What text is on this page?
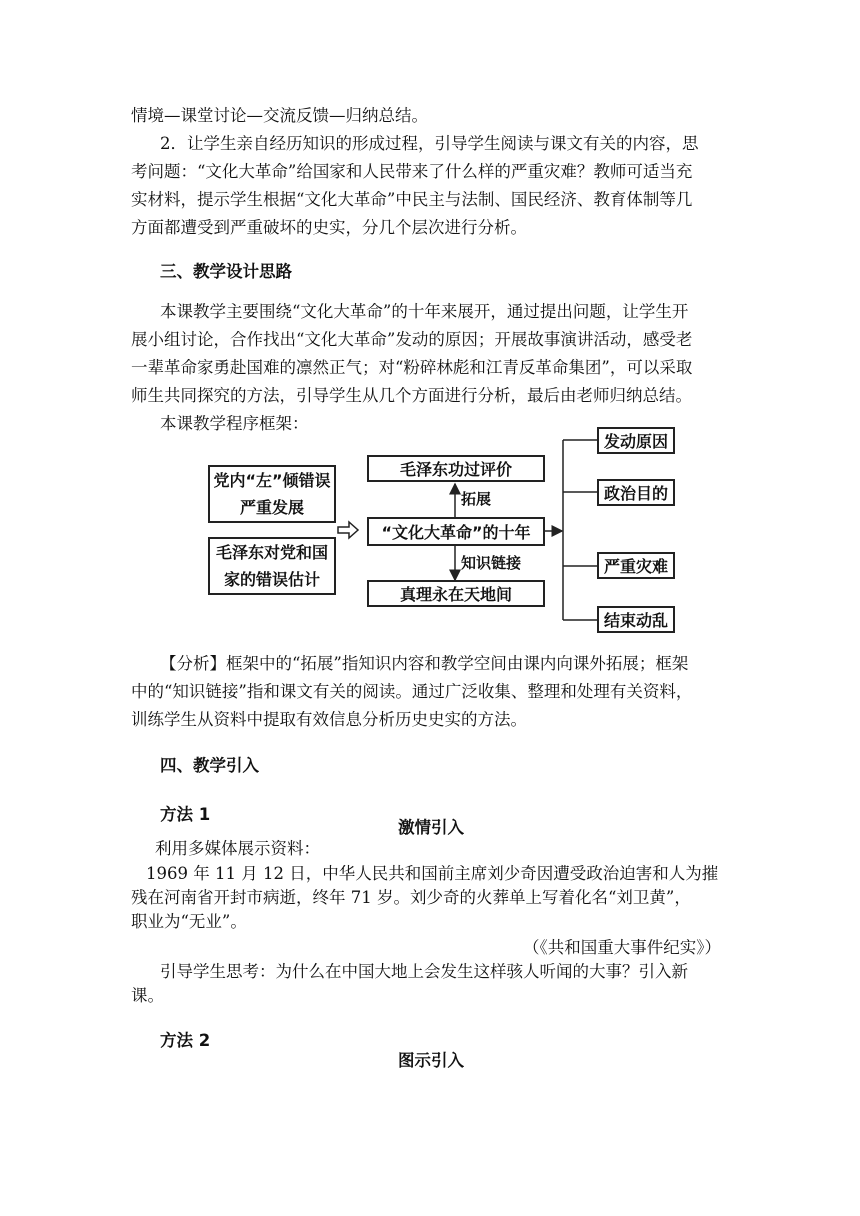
情境—课堂讨论—交流反馈—归纳总结。

2．让学生亲自经历知识的形成过程，引导学生阅读与课文有关的内容，思

考问题：“文化大革命”给国家和人民带来了什么样的严重灾难？教师可适当充

实材料，提示学生根据“文化大革命”中民主与法制、国民经济、教育体制等几

方面都遭受到严重破坏的史实，分几个层次进行分析。

三、教学设计思路

本课教学主要围绕“文化大革命”的十年来展开，通过提出问题，让学生开

展小组讨论，合作找出“文化大革命”发动的原因；开展故事演讲活动，感受老

一辈革命家勇赴国难的凛然正气；对“粉碎林彪和江青反革命集团”，可以采取

师生共同探究的方法，引导学生从几个方面进行分析，最后由老师归纳总结。

本课教学程序框架：

党内“左”倾错误严重发展
毛泽东对党和国家的错误估计
毛泽东功过评价
“文化大革命”的十年
真理永在天地间
拓展
知识链接
发动原因
政治目的
严重灾难
结束动乱

【分析】框架中的“拓展”指知识内容和教学空间由课内向课外拓展；框架

中的“知识链接”指和课文有关的阅读。通过广泛收集、整理和处理有关资料，

训练学生从资料中提取有效信息分析历史史实的方法。

四、教学引入

方法 1

激情引入

利用多媒体展示资料：

1969 年 11 月 12 日，中华人民共和国前主席刘少奇因遭受政治迫害和人为摧

残在河南省开封市病逝，终年 71 岁。刘少奇的火葬单上写着化名“刘卫黄”，

职业为“无业”。

（《共和国重大事件纪实》）

引导学生思考：为什么在中国大地上会发生这样骇人听闻的大事？引入新

课。

方法 2

图示引入
